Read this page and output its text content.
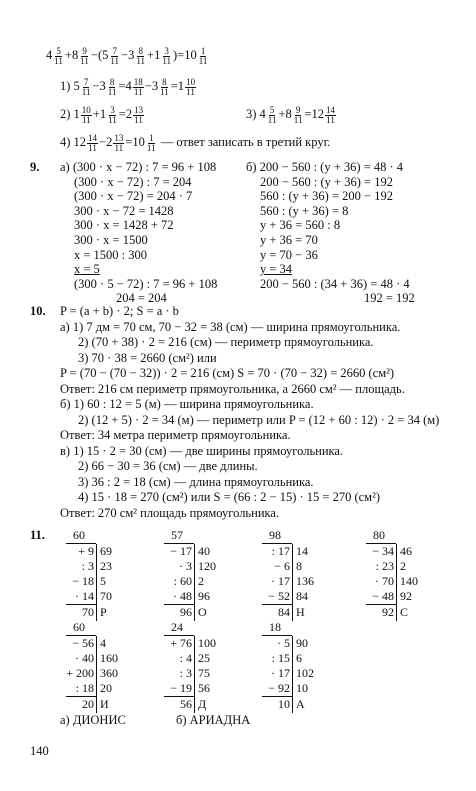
$4 \frac{5}{11} +8 \frac{9}{11} -(5 \frac{7}{11} -3 \frac{8}{11} +1 \frac{3}{11} )=10 \frac{1}{11}$
1) $5 \frac{7}{11} -3 \frac{8}{11} =4 \frac{18}{11} -3 \frac{8}{11} =1 \frac{10}{11}$
2) $1 \frac{10}{11} +1 \frac{3}{11} =2 \frac{13}{11}$	3) $4 \frac{5}{11} +8 \frac{9}{11} =12 \frac{14}{11}$
4) $12 \frac{14}{11} -2 \frac{13}{11} =10 \frac{1}{11}$ — ответ записать в третий круг.
9. а) (300 · x − 72) : 7 = 96 + 108
(300 · x − 72) : 7 = 204
(300 · x − 72) = 204 · 7
300 · x − 72 = 1428
300 · x = 1428 + 72
300 · x = 1500
x = 1500 : 300
x = 5
(300 · 5 − 72) : 7 = 96 + 108
204 = 204
б) 200 − 560 : (y + 36) = 48 · 4
200 − 560 : (y + 36) = 192
560 : (y + 36) = 200 − 192
560 : (y + 36) = 8
y + 36 = 560 : 8
y + 36 = 70
y = 70 − 36
y = 34
200 − 560 : (34 + 36) = 48 · 4
192 = 192
10. P = (a + b) · 2; S = a · b
а) 1) 7 дм = 70 см, 70 − 32 = 38 (см) — ширина прямоугольника.
2) (70 + 38) · 2 = 216 (см) — периметр прямоугольника.
3) 70 · 38 = 2660 (см²) или
P = (70 − (70 − 32)) · 2 = 216 (см) S = 70 · (70 − 32) = 2660 (см²)
Ответ: 216 см периметр прямоугольника, а 2660 см² — площадь.
б) 1) 60 : 12 = 5 (м) — ширина прямоугольника.
2) (12 + 5) · 2 = 34 (м) — периметр или P = (12 + 60 : 12) · 2 = 34 (м)
Ответ: 34 метра периметр прямоугольника.
в) 1) 15 · 2 = 30 (см) — две ширины прямоугольника.
2) 66 − 30 = 36 (см) — две длины.
3) 36 : 2 = 18 (см) — длина прямоугольника.
4) 15 · 18 = 270 (см²) или S = (66 : 2 − 15) · 15 = 270 (см²)
Ответ: 270 см² площадь прямоугольника.
11.	60
+ 9 69
: 3 23
− 18 5
· 14 70
70 Р
57
− 17 40
· 3 120
: 60 2
· 48 96
96 О
98
: 17 14
− 6 8
· 17 136
− 52 84
84 Н
80
− 34 46
: 23 2
· 70 140
− 48 92
92 С
60
− 56 4
· 40 160
+ 200 360
: 18 20
20 И
24
+ 76 100
: 4 25
: 3 75
− 19 56
56 Д
18
· 5 90
: 15 6
· 17 102
− 92 10
10 А
а) ДИОНИС	б) АРИАДНА
140
